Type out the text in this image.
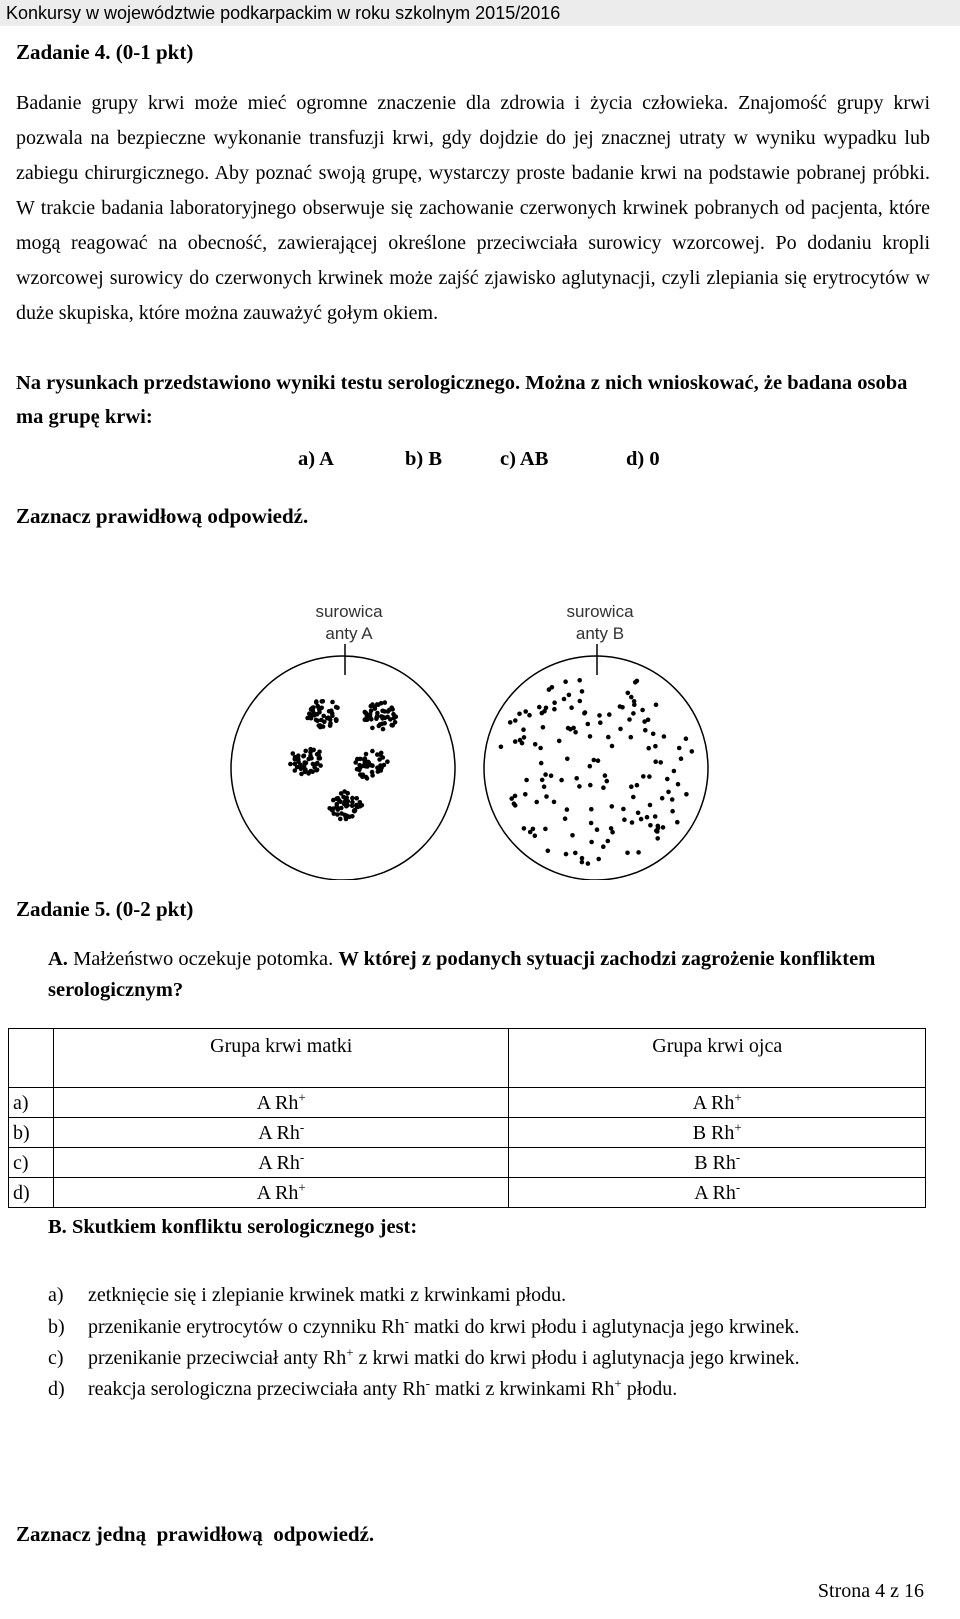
Konkursy w województwie podkarpackim w roku szkolnym 2015/2016
Zadanie 4. (0-1 pkt)
Badanie grupy krwi może mieć ogromne znaczenie dla zdrowia i życia człowieka. Znajomość grupy krwi pozwala na bezpieczne wykonanie transfuzji krwi, gdy dojdzie do jej znacznej utraty w wyniku wypadku lub zabiegu chirurgicznego. Aby poznać swoją grupę, wystarczy proste badanie krwi na podstawie pobranej próbki. W trakcie badania laboratoryjnego obserwuje się zachowanie czerwonych krwinek pobranych od pacjenta, które mogą reagować na obecność, zawierającej określone przeciwciała surowicy wzorcowej. Po dodaniu kropli wzorcowej surowicy do czerwonych krwinek może zajść zjawisko aglutynacji, czyli zlepiania się erytrocytów w duże skupiska, które można zauważyć gołym okiem.
Na rysunkach przedstawiono wyniki testu serologicznego. Można z nich wnioskować, że badana osoba ma grupę krwi:
a) A	b) B	c) AB	d) 0
Zaznacz prawidłową odpowiedź.
surowica
anty A
surowica
anty B
Zadanie 5. (0-2 pkt)
A. Małżeństwo oczekuje potomka. W której z podanych sytuacji zachodzi zagrożenie konfliktem serologicznym?
	Grupa krwi matki	Grupa krwi ojca
a)	A Rh+	A Rh+
b)	A Rh-	B Rh+
c)	A Rh-	B Rh-
d)	A Rh+	A Rh-
B. Skutkiem konfliktu serologicznego jest:
a) zetknięcie się i zlepianie krwinek matki z krwinkami płodu.
b) przenikanie erytrocytów o czynniku Rh- matki do krwi płodu i aglutynacja jego krwinek.
c) przenikanie przeciwciał anty Rh+ z krwi matki do krwi płodu i aglutynacja jego krwinek.
d) reakcja serologiczna przeciwciała anty Rh- matki z krwinkami Rh+ płodu.
Zaznacz jedną  prawidłową  odpowiedź.
Strona 4 z 16
